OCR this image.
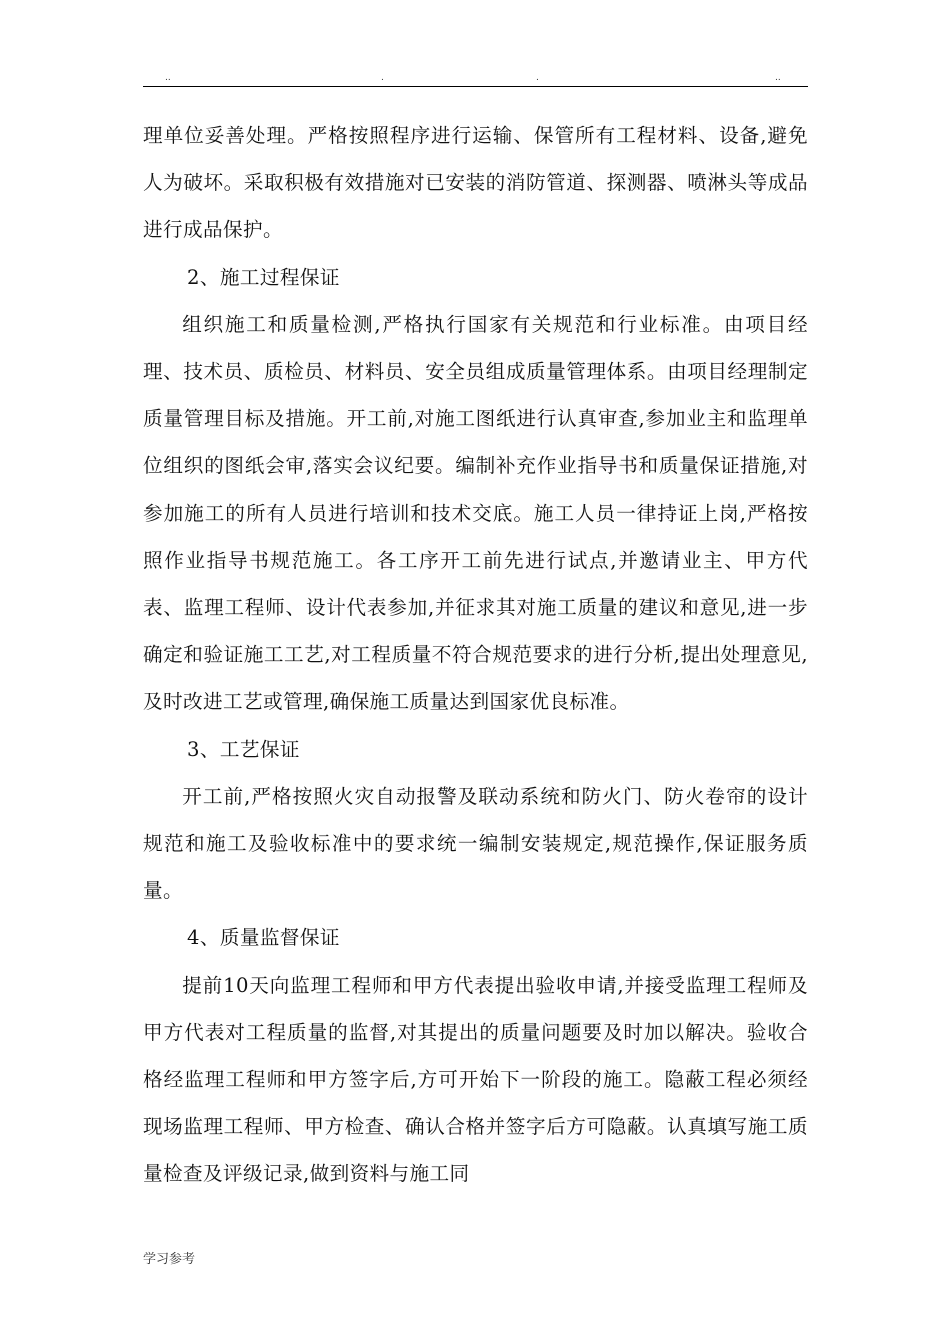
..	.	.	..

理单位妥善处理。严格按照程序进行运输、保管所有工程材料、设备,避免人为破坏。采取积极有效措施对已安装的消防管道、探测器、喷淋头等成品进行成品保护。

2、施工过程保证

组织施工和质量检测,严格执行国家有关规范和行业标准。由项目经理、技术员、质检员、材料员、安全员组成质量管理体系。由项目经理制定质量管理目标及措施。开工前,对施工图纸进行认真审查,参加业主和监理单位组织的图纸会审,落实会议纪要。编制补充作业指导书和质量保证措施,对参加施工的所有人员进行培训和技术交底。施工人员一律持证上岗,严格按照作业指导书规范施工。各工序开工前先进行试点,并邀请业主、甲方代表、监理工程师、设计代表参加,并征求其对施工质量的建议和意见,进一步确定和验证施工工艺,对工程质量不符合规范要求的进行分析,提出处理意见,及时改进工艺或管理,确保施工质量达到国家优良标准。

3、工艺保证

开工前,严格按照火灾自动报警及联动系统和防火门、防火卷帘的设计规范和施工及验收标准中的要求统一编制安装规定,规范操作,保证服务质量。

4、质量监督保证

提前10天向监理工程师和甲方代表提出验收申请,并接受监理工程师及甲方代表对工程质量的监督,对其提出的质量问题要及时加以解决。验收合格经监理工程师和甲方签字后,方可开始下一阶段的施工。隐蔽工程必须经现场监理工程师、甲方检查、确认合格并签字后方可隐蔽。认真填写施工质量检查及评级记录,做到资料与施工同

学习参考
